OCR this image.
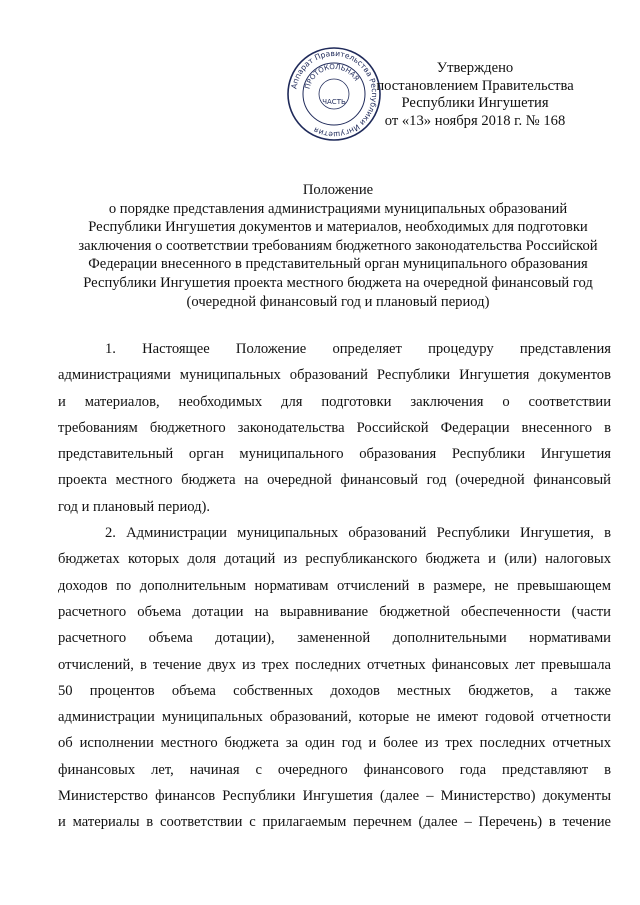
Аппарат Правительства Республики Ингушетия
ПРОТОКОЛЬНАЯ
ЧАСТЬ
Утверждено
постановлением Правительства
Республики Ингушетия
от «13» ноября 2018 г. № 168
Положение
о порядке представления администрациями муниципальных образований
Республики Ингушетия документов и материалов, необходимых для подготовки
заключения о соответствии требованиям бюджетного законодательства Российской
Федерации внесенного в представительный орган муниципального образования
Республики Ингушетия проекта местного бюджета на очередной финансовый год
(очередной финансовый год и плановый период)

1. Настоящее Положение определяет процедуру представления
администрациями муниципальных образований Республики Ингушетия документов
и материалов, необходимых для подготовки заключения о соответствии
требованиям бюджетного законодательства Российской Федерации внесенного в
представительный орган муниципального образования Республики Ингушетия
проекта местного бюджета на очередной финансовый год (очередной финансовый
год и плановый период).

2. Администрации муниципальных образований Республики Ингушетия, в
бюджетах которых доля дотаций из республиканского бюджета и (или) налоговых
доходов по дополнительным нормативам отчислений в размере, не превышающем
расчетного объема дотации на выравнивание бюджетной обеспеченности (части
расчетного объема дотации), замененной дополнительными нормативами
отчислений, в течение двух из трех последних отчетных финансовых лет превышала
50 процентов объема собственных доходов местных бюджетов, а также
администрации муниципальных образований, которые не имеют годовой отчетности
об исполнении местного бюджета за один год и более из трех последних отчетных
финансовых лет, начиная с очередного финансового года представляют в
Министерство финансов Республики Ингушетия (далее – Министерство) документы
и материалы в соответствии с прилагаемым перечнем (далее – Перечень) в течение
